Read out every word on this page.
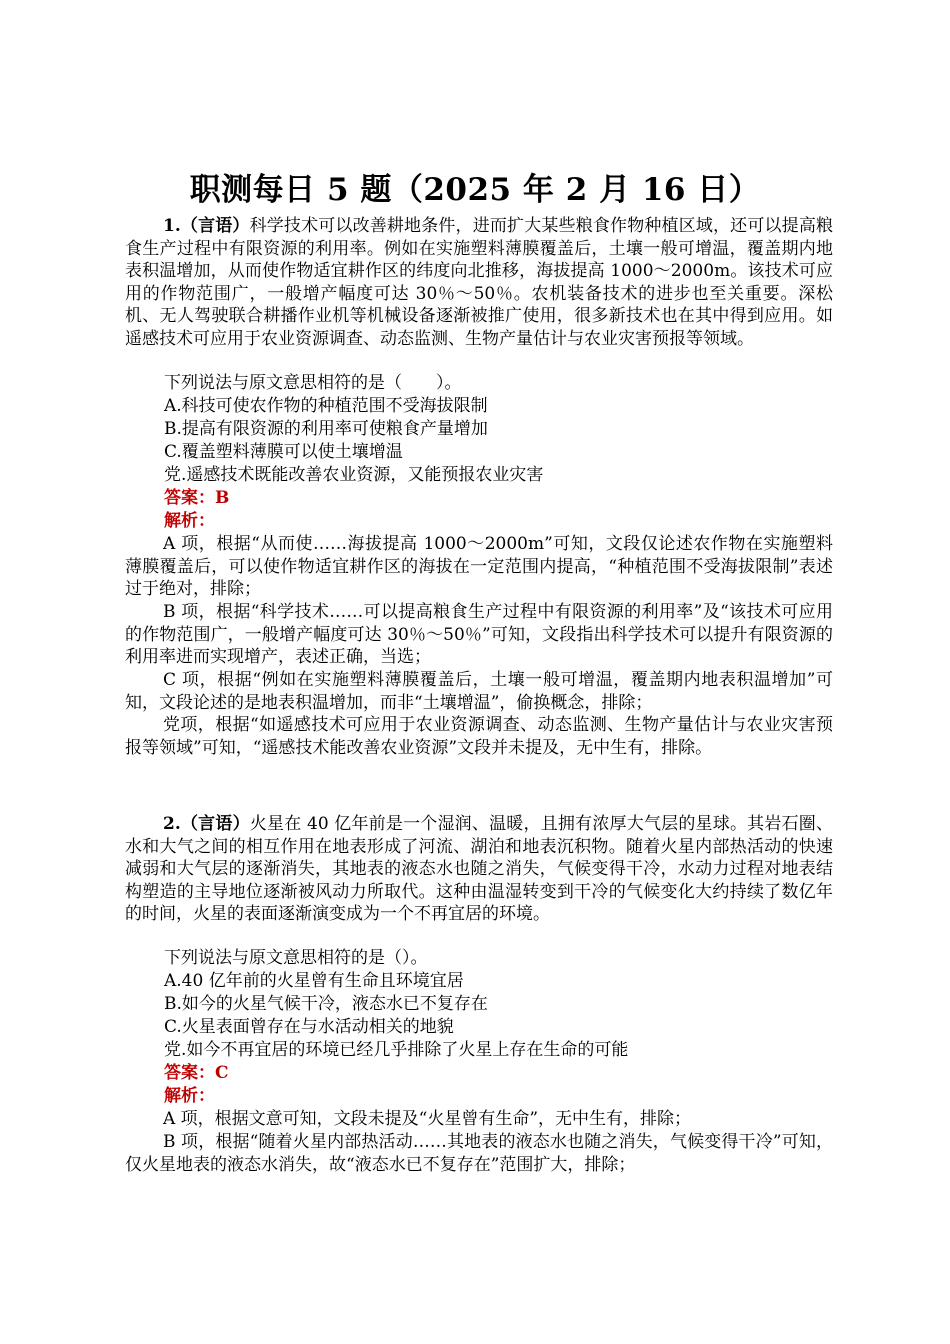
职测每日 5 题（2025 年 2 月 16 日）

1.（言语）科学技术可以改善耕地条件，进而扩大某些粮食作物种植区域，还可以提高粮食生产过程中有限资源的利用率。例如在实施塑料薄膜覆盖后，土壤一般可增温，覆盖期内地表积温增加，从而使作物适宜耕作区的纬度向北推移，海拔提高 1000～2000m。该技术可应用的作物范围广，一般增产幅度可达 30％～50％。农机装备技术的进步也至关重要。深松机、无人驾驶联合耕播作业机等机械设备逐渐被推广使用，很多新技术也在其中得到应用。如遥感技术可应用于农业资源调查、动态监测、生物产量估计与农业灾害预报等领域。

下列说法与原文意思相符的是（　　）。

A.科技可使农作物的种植范围不受海拔限制

B.提高有限资源的利用率可使粮食产量增加

C.覆盖塑料薄膜可以使土壤增温

党.遥感技术既能改善农业资源，又能预报农业灾害

答案：B

解析：

A 项，根据“从而使……海拔提高 1000～2000m”可知，文段仅论述农作物在实施塑料薄膜覆盖后，可以使作物适宜耕作区的海拔在一定范围内提高，“种植范围不受海拔限制”表述过于绝对，排除；

B 项，根据“科学技术……可以提高粮食生产过程中有限资源的利用率”及“该技术可应用的作物范围广，一般增产幅度可达 30％～50％”可知，文段指出科学技术可以提升有限资源的利用率进而实现增产，表述正确，当选；

C 项，根据“例如在实施塑料薄膜覆盖后，土壤一般可增温，覆盖期内地表积温增加”可知，文段论述的是地表积温增加，而非“土壤增温”，偷换概念，排除；

党项，根据“如遥感技术可应用于农业资源调查、动态监测、生物产量估计与农业灾害预报等领域”可知，“遥感技术能改善农业资源”文段并未提及，无中生有，排除。

2.（言语）火星在 40 亿年前是一个湿润、温暖，且拥有浓厚大气层的星球。其岩石圈、水和大气之间的相互作用在地表形成了河流、湖泊和地表沉积物。随着火星内部热活动的快速减弱和大气层的逐渐消失，其地表的液态水也随之消失，气候变得干冷，水动力过程对地表结构塑造的主导地位逐渐被风动力所取代。这种由温湿转变到干冷的气候变化大约持续了数亿年的时间，火星的表面逐渐演变成为一个不再宜居的环境。

下列说法与原文意思相符的是（）。

A.40 亿年前的火星曾有生命且环境宜居

B.如今的火星气候干冷，液态水已不复存在

C.火星表面曾存在与水活动相关的地貌

党.如今不再宜居的环境已经几乎排除了火星上存在生命的可能

答案：C

解析：

A 项，根据文意可知，文段未提及“火星曾有生命”，无中生有，排除；

B 项，根据“随着火星内部热活动……其地表的液态水也随之消失，气候变得干冷”可知，仅火星地表的液态水消失，故“液态水已不复存在”范围扩大，排除；
